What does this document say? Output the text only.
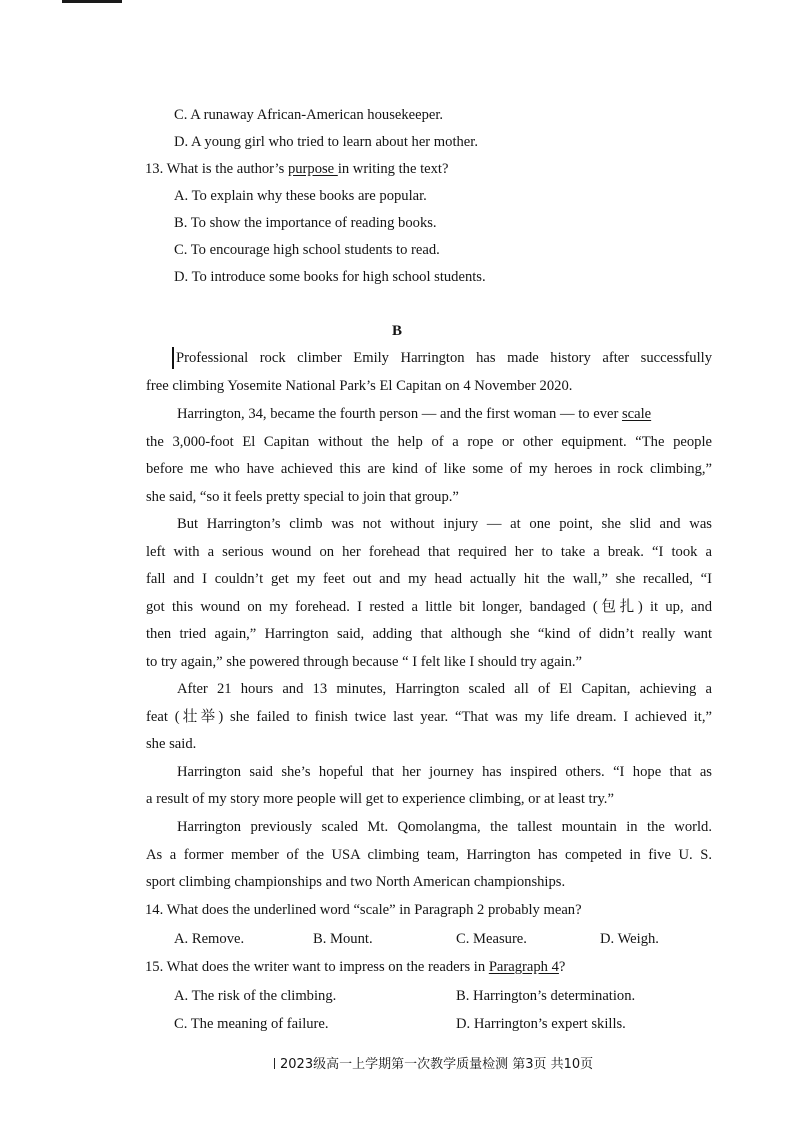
C. A runaway African-American housekeeper.
D. A young girl who tried to learn about her mother.
13. What is the author’s purpose in writing the text?
A. To explain why these books are popular.
B. To show the importance of reading books.
C. To encourage high school students to read.
D. To introduce some books for high school students.
B
Professional rock climber Emily Harrington has made history after successfully
free climbing Yosemite National Park’s El Capitan on 4 November 2020.
Harrington, 34, became the fourth person — and the first woman — to ever scale
the 3,000-foot El Capitan without the help of a rope or other equipment. “The people
before me who have achieved this are kind of like some of my heroes in rock climbing,”
she said, “so it feels pretty special to join that group.”
But Harrington’s climb was not without injury — at one point, she slid and was
left with a serious wound on her forehead that required her to take a break. “I took a
fall and I couldn’t get my feet out and my head actually hit the wall,” she recalled, “I
got this wound on my forehead. I rested a little bit longer, bandaged (包扎) it up, and
then tried again,” Harrington said, adding that although she “kind of didn’t really want
to try again,” she powered through because “ I felt like I should try again.”
After 21 hours and 13 minutes, Harrington scaled all of El Capitan, achieving a
feat (壮举) she failed to finish twice last year. “That was my life dream. I achieved it,”
she said.
Harrington said she’s hopeful that her journey has inspired others. “I hope that as
a result of my story more people will get to experience climbing, or at least try.”
Harrington previously scaled Mt. Qomolangma, the tallest mountain in the world.
As a former member of the USA climbing team, Harrington has competed in five U. S.
sport climbing championships and two North American championships.
14. What does the underlined word “scale” in Paragraph 2 probably mean?
A. Remove.	B. Mount.	C. Measure.	D. Weigh.
15. What does the writer want to impress on the readers in Paragraph 4?
A. The risk of the climbing.	B. Harrington’s determination.
C. The meaning of failure.	D. Harrington’s expert skills.
2023级高一上学期第一次教学质量检测 第3页 共10页
